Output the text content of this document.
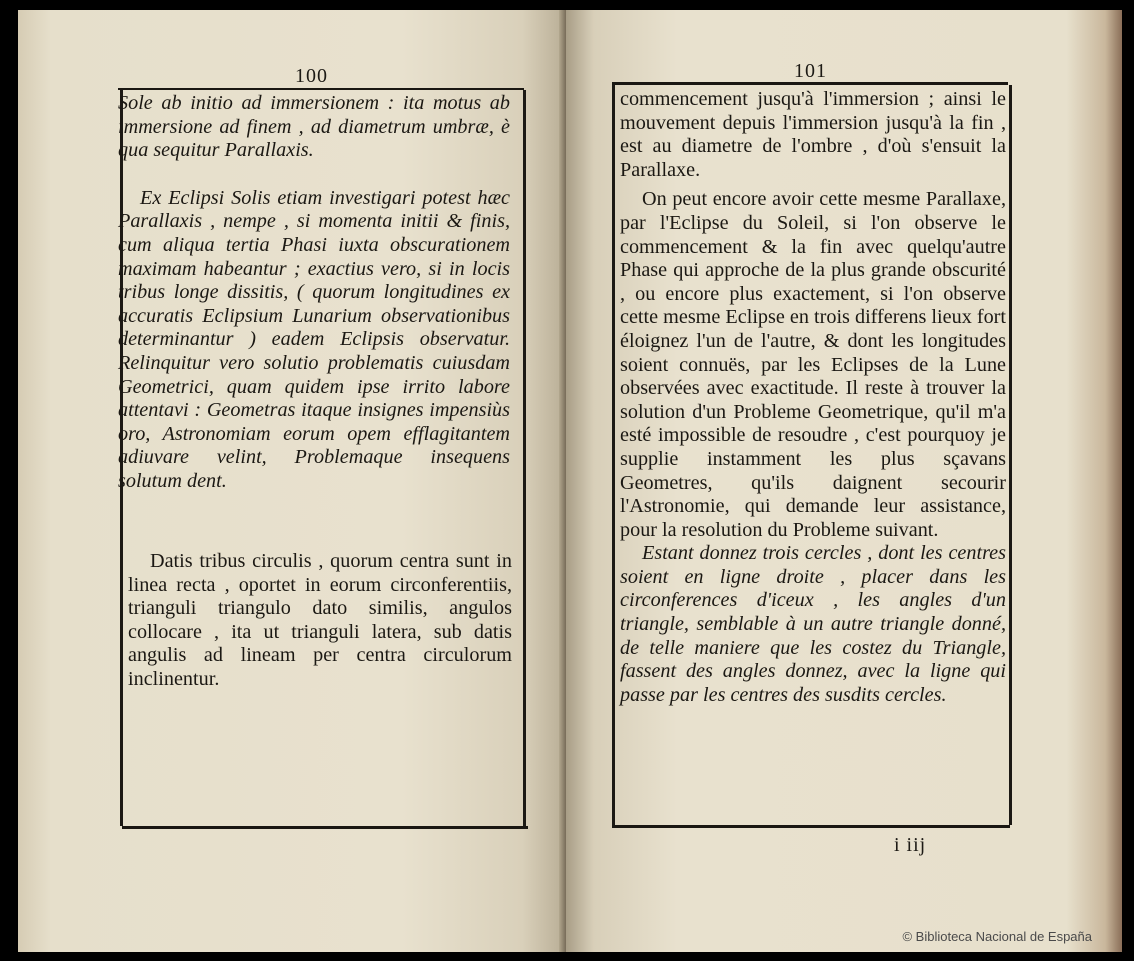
100

Sole ab initio ad immersionem : ita motus ab immersione ad finem , ad diametrum umbræ, è qua sequitur Parallaxis.

Ex Eclipsi Solis etiam investigari potest hæc Parallaxis , nempe , si momenta initii & finis, cum aliqua tertia Phasi iuxta obscurationem maximam habeantur ; exactius vero, si in locis tribus longe dissitis, ( quorum longitudines ex accuratis Eclipsium Lunarium observationibus determinantur ) eadem Eclipsis observatur. Relinquitur vero solutio problematis cuiusdam Geometrici, quam quidem ipse irrito labore attentavi : Geometras itaque insignes impensiùs oro, Astronomiam eorum opem efflagitantem adiuvare velint, Problemaque insequens solutum dent.

Datis tribus circulis , quorum centra sunt in linea recta , oportet in eorum circonferentiis, trianguli triangulo dato similis, angulos collocare , ita ut trianguli latera, sub datis angulis ad lineam per centra circulorum inclinentur.

101

commencement jusqu'à l'immersion ; ainsi le mouvement depuis l'immersion jusqu'à la fin , est au diametre de l'ombre , d'où s'ensuit la Parallaxe.

On peut encore avoir cette mesme Parallaxe, par l'Eclipse du Soleil, si l'on observe le commencement & la fin avec quelqu'autre Phase qui approche de la plus grande obscurité , ou encore plus exactement, si l'on observe cette mesme Eclipse en trois differens lieux fort éloignez l'un de l'autre, & dont les longitudes soient connuës, par les Eclipses de la Lune observées avec exactitude. Il reste à trouver la solution d'un Probleme Geometrique, qu'il m'a esté impossible de resoudre , c'est pourquoy je supplie instamment les plus sçavans Geometres, qu'ils daignent secourir l'Astronomie, qui demande leur assistance, pour la resolution du Probleme suivant.

Estant donnez trois cercles , dont les centres soient en ligne droite , placer dans les circonferences d'iceux , les angles d'un triangle, semblable à un autre triangle donné, de telle maniere que les costez du Triangle, fassent des angles donnez, avec la ligne qui passe par les centres des susdits cercles.

i iij
© Biblioteca Nacional de España
